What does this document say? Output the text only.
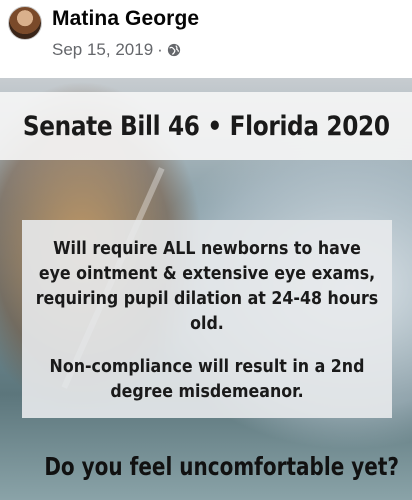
Matina George
Sep 15, 2019 ·
Senate Bill 46 • Florida 2020
Will require ALL newborns to have eye ointment & extensive eye exams, requiring pupil dilation at 24-48 hours old.
Non-compliance will result in a 2nd degree misdemeanor.
Do you feel uncomfortable yet?
